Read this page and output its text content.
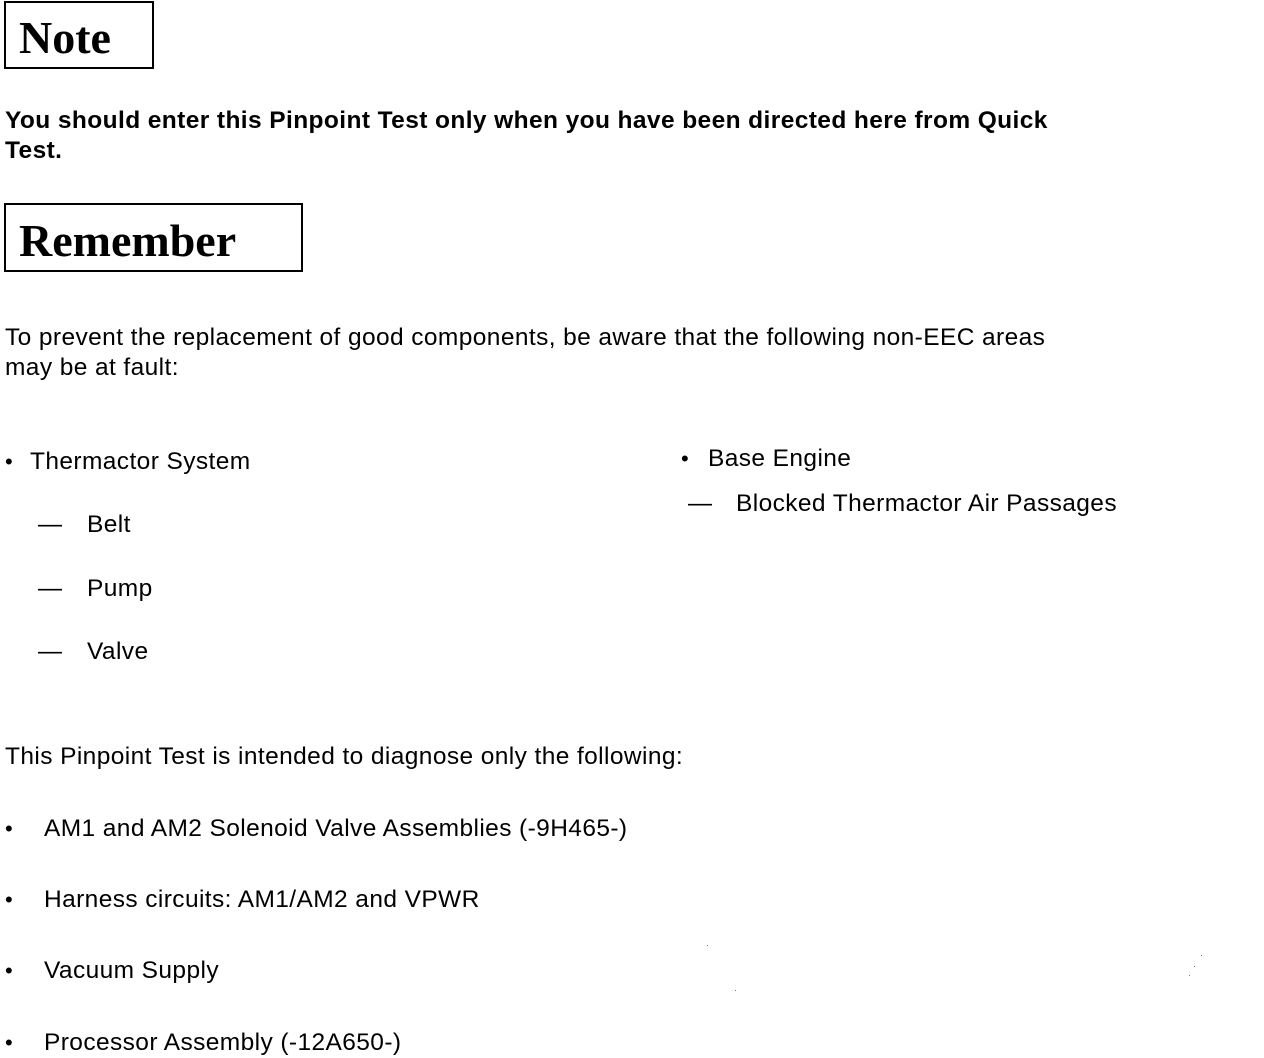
Note
You should enter this Pinpoint Test only when you have been directed here from Quick
Test.
Remember
To prevent the replacement of good components, be aware that the following non-EEC areas
may be at fault:
• Thermactor System
— Belt
— Pump
— Valve
• Base Engine
— Blocked Thermactor Air Passages
This Pinpoint Test is intended to diagnose only the following:
• AM1 and AM2 Solenoid Valve Assemblies (-9H465-)
• Harness circuits: AM1/AM2 and VPWR
• Vacuum Supply
• Processor Assembly (-12A650-)
